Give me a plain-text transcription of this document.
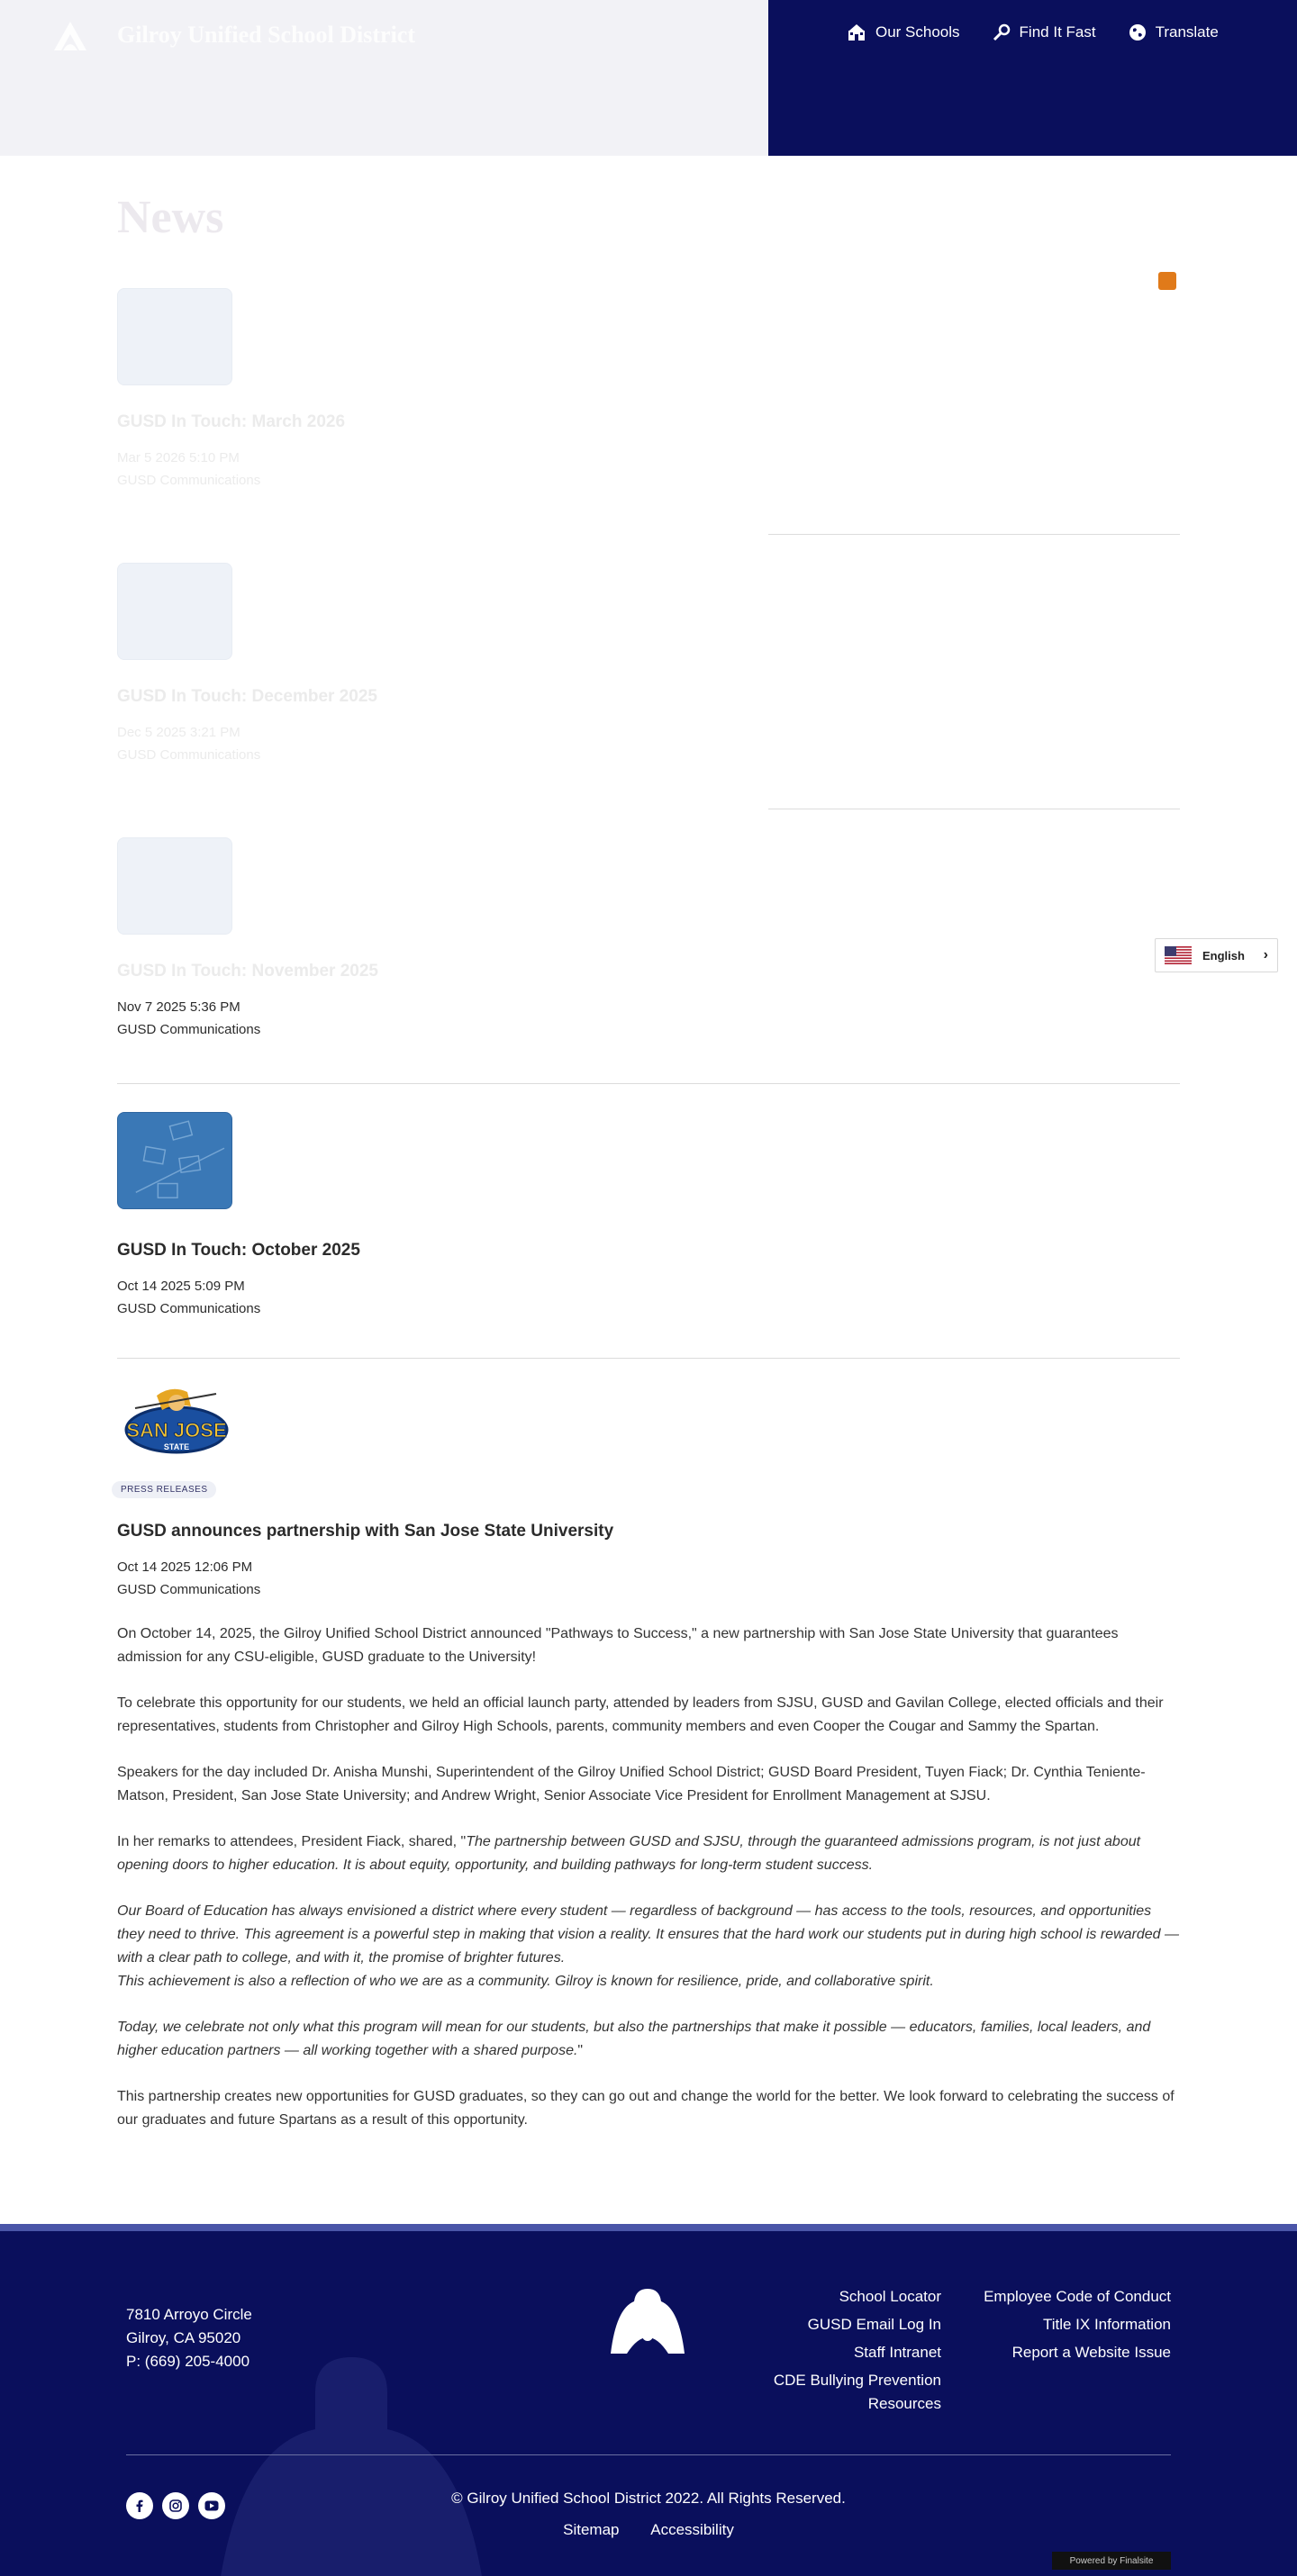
Gilroy Unified School District	Our Schools	Find It Fast	Translate
News
GUSD In Touch: March 2026
Mar 5 2026 5:10 PM
GUSD Communications
GUSD In Touch: December 2025
Dec 5 2025 3:21 PM
GUSD Communications
GUSD In Touch: November 2025
Nov 7 2025 5:36 PM
GUSD Communications
GUSD In Touch: October 2025
Oct 14 2025 5:09 PM
GUSD Communications
SAN JOSE
STATE
PRESS RELEASES
GUSD announces partnership with San Jose State University
Oct 14 2025 12:06 PM
GUSD Communications

On October 14, 2025, the Gilroy Unified School District announced "Pathways to Success," a new partnership with San Jose State University that guarantees admission for any CSU-eligible, GUSD graduate to the University!

To celebrate this opportunity for our students, we held an official launch party, attended by leaders from SJSU, GUSD and Gavilan College, elected officials and their representatives, students from Christopher and Gilroy High Schools, parents, community members and even Cooper the Cougar and Sammy the Spartan.

Speakers for the day included Dr. Anisha Munshi, Superintendent of the Gilroy Unified School District; GUSD Board President, Tuyen Fiack; Dr. Cynthia Teniente-Matson, President, San Jose State University; and Andrew Wright, Senior Associate Vice President for Enrollment Management at SJSU.

In her remarks to attendees, President Fiack, shared, "The partnership between GUSD and SJSU, through the guaranteed admissions program, is not just about opening doors to higher education. It is about equity, opportunity, and building pathways for long-term student success.

Our Board of Education has always envisioned a district where every student — regardless of background — has access to the tools, resources, and opportunities they need to thrive. This agreement is a powerful step in making that vision a reality. It ensures that the hard work our students put in during high school is rewarded — with a clear path to college, and with it, the promise of brighter futures.
This achievement is also a reflection of who we are as a community. Gilroy is known for resilience, pride, and collaborative spirit.

Today, we celebrate not only what this program will mean for our students, but also the partnerships that make it possible — educators, families, local leaders, and higher education partners — all working together with a shared purpose."

This partnership creates new opportunities for GUSD graduates, so they can go out and change the world for the better. We look forward to celebrating the success of our graduates and future Spartans as a result of this opportunity.

English ›
7810 Arroyo Circle
Gilroy, CA 95020
P: (669) 205-4000
School Locator
GUSD Email Log In
Staff Intranet
CDE Bullying Prevention Resources
Employee Code of Conduct
Title IX Information
Report a Website Issue
© Gilroy Unified School District 2022. All Rights Reserved.
Sitemap Accessibility
Powered by Finalsite
